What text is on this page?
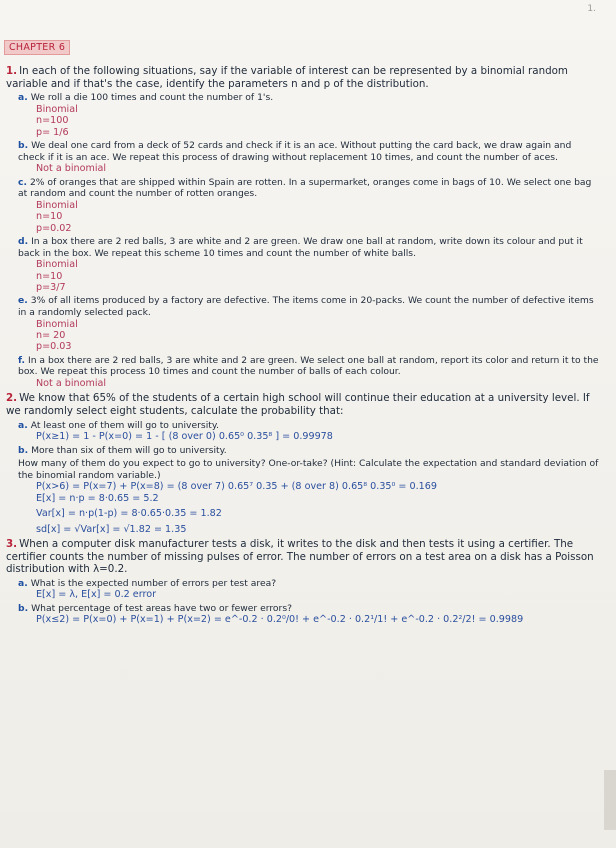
1.
CHAPTER 6
1. In each of the following situations, say if the variable of interest can be represented by a binomial random variable and if that's the case, identify the parameters n and p of the distribution.
a. We roll a die 100 times and count the number of 1's.
Binomial
n=100
p= 1/6
b. We deal one card from a deck of 52 cards and check if it is an ace. Without putting the card back, we draw again and check if it is an ace. We repeat this process of drawing without replacement 10 times, and count the number of aces.
Not a binomial
c. 2% of oranges that are shipped within Spain are rotten. In a supermarket, oranges come in bags of 10. We select one bag at random and count the number of rotten oranges.
Binomial
n=10
p=0.02
d. In a box there are 2 red balls, 3 are white and 2 are green. We draw one ball at random, write down its colour and put it back in the box. We repeat this scheme 10 times and count the number of white balls.
Binomial
n=10
p=3/7
e. 3% of all items produced by a factory are defective. The items come in 20-packs. We count the number of defective items in a randomly selected pack.
Binomial
n= 20
p=0.03
f. In a box there are 2 red balls, 3 are white and 2 are green. We select one ball at random, report its color and return it to the box. We repeat this process 10 times and count the number of balls of each colour.
Not a binomial
2. We know that 65% of the students of a certain high school will continue their education at a university level. If we randomly select eight students, calculate the probability that:
a. At least one of them will go to university.
P(x≥1) = 1 - P(x=0) = 1 - [ (8 over 0) 0.65⁰ 0.35⁸ ] = 0.99978
b. More than six of them will go to university.
How many of them do you expect to go to university? One-or-take? (Hint: Calculate the expectation and standard deviation of the binomial random variable.)
P(x>6) = P(x=7) + P(x=8) = (8 over 7) 0.65⁷ 0.35 + (8 over 8) 0.65⁸ 0.35⁰ = 0.169
E[x] = n·p = 8·0.65 = 5.2
Var[x] = n·p(1-p) = 8·0.65·0.35 = 1.82
sd[x] = √Var[x] = √1.82 = 1.35
3. When a computer disk manufacturer tests a disk, it writes to the disk and then tests it using a certifier. The certifier counts the number of missing pulses of error. The number of errors on a test area on a disk has a Poisson distribution with λ=0.2.
a. What is the expected number of errors per test area?
E[x] = λ, E[x] = 0.2 error
b. What percentage of test areas have two or fewer errors?
P(x≤2) = P(x=0) + P(x=1) + P(x=2) = e^-0.2 · 0.2⁰/0! + e^-0.2 · 0.2¹/1! + e^-0.2 · 0.2²/2! = 0.9989
